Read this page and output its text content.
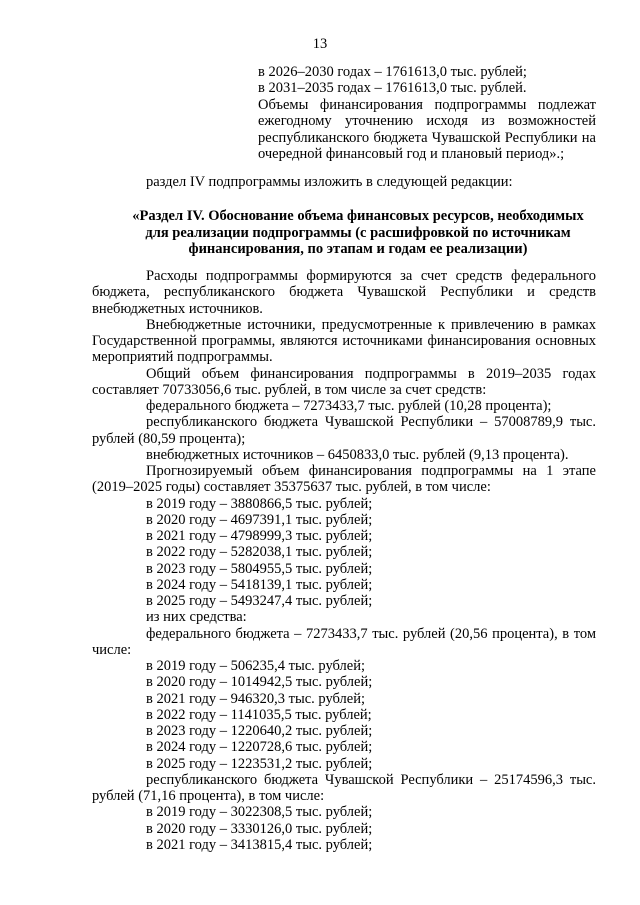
13
в 2026–2030 годах – 1761613,0 тыс. рублей;
в 2031–2035 годах – 1761613,0 тыс. рублей.
Объемы финансирования подпрограммы подлежат ежегодному уточнению исходя из возможностей республиканского бюджета Чувашской Республики на очередной финансовый год и плановый период».;
раздел IV подпрограммы изложить в следующей редакции:
«Раздел IV. Обоснование объема финансовых ресурсов, необходимых для реализации подпрограммы (с расшифровкой по источникам финансирования, по этапам и годам ее реализации)

Расходы подпрограммы формируются за счет средств федерального бюджета, республиканского бюджета Чувашской Республики и средств внебюджетных источников.

Внебюджетные источники, предусмотренные к привлечению в рамках Государственной программы, являются источниками финансирования основных мероприятий подпрограммы.

Общий объем финансирования подпрограммы в 2019–2035 годах составляет 70733056,6 тыс. рублей, в том числе за счет средств:

федерального бюджета – 7273433,7 тыс. рублей (10,28 процента);

республиканского бюджета Чувашской Республики – 57008789,9 тыс. рублей (80,59 процента);

внебюджетных источников – 6450833,0 тыс. рублей (9,13 процента).

Прогнозируемый объем финансирования подпрограммы на 1 этапе (2019–2025 годы) составляет 35375637 тыс. рублей, в том числе:

в 2019 году – 3880866,5 тыс. рублей;
в 2020 году – 4697391,1 тыс. рублей;
в 2021 году – 4798999,3 тыс. рублей;
в 2022 году – 5282038,1 тыс. рублей;
в 2023 году – 5804955,5 тыс. рублей;
в 2024 году – 5418139,1 тыс. рублей;
в 2025 году – 5493247,4 тыс. рублей;
из них средства:

федерального бюджета – 7273433,7 тыс. рублей (20,56 процента), в том числе:

в 2019 году – 506235,4 тыс. рублей;
в 2020 году – 1014942,5 тыс. рублей;
в 2021 году – 946320,3 тыс. рублей;
в 2022 году – 1141035,5 тыс. рублей;
в 2023 году – 1220640,2 тыс. рублей;
в 2024 году – 1220728,6 тыс. рублей;
в 2025 году – 1223531,2 тыс. рублей;

республиканского бюджета Чувашской Республики – 25174596,3 тыс. рублей (71,16 процента), в том числе:

в 2019 году – 3022308,5 тыс. рублей;
в 2020 году – 3330126,0 тыс. рублей;
в 2021 году – 3413815,4 тыс. рублей;
